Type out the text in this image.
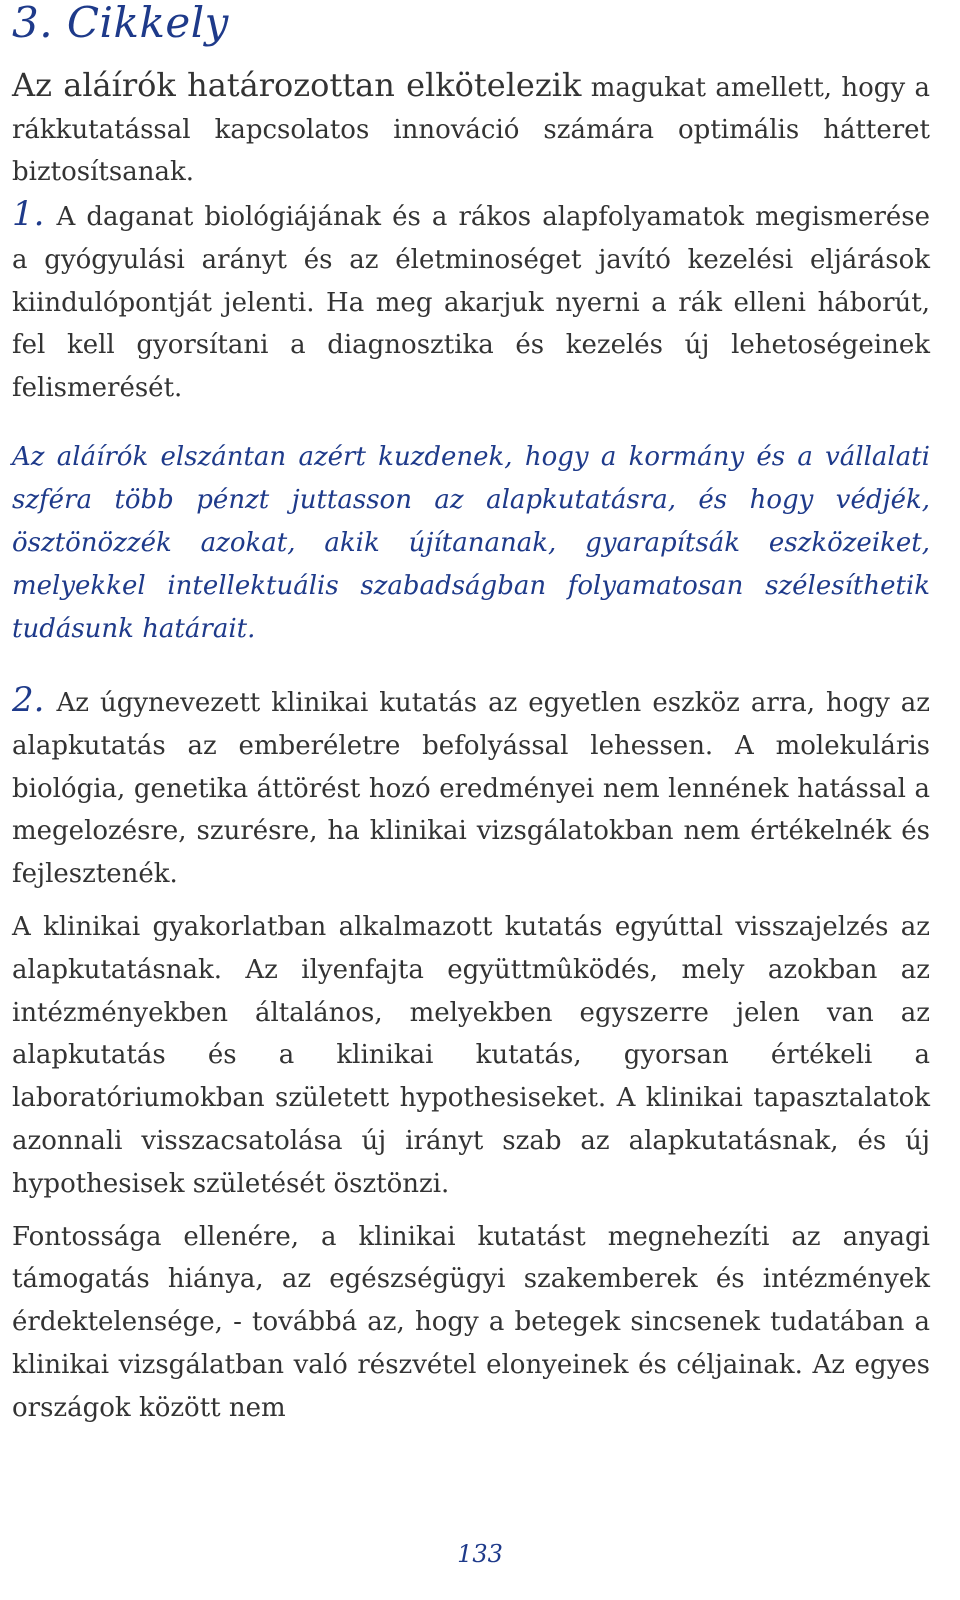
3. Cikkely

Az aláírók határozottan elkötelezik magukat amellett, hogy a rákkutatással kapcsolatos innováció számára optimális hátteret biztosítsanak.

1. A daganat biológiájának és a rákos alapfolyamatok megismerése a gyógyulási arányt és az életminoséget javító kezelési eljárások kiindulópontját jelenti. Ha meg akarjuk nyerni a rák elleni háborút, fel kell gyorsítani a diagnosztika és kezelés új lehetoségeinek felismerését.

Az aláírók elszántan azért kuzdenek, hogy a kormány és a vállalati szféra több pénzt juttasson az alapkutatásra, és hogy védjék, ösztönözzék azokat, akik újítananak, gyarapítsák eszközeiket, melyekkel intellektuális szabadságban folyamatosan szélesíthetik tudásunk határait.

2. Az úgynevezett klinikai kutatás az egyetlen eszköz arra, hogy az alapkutatás az emberéletre befolyással lehessen. A molekuláris biológia, genetika áttörést hozó eredményei nem lennének hatással a megelozésre, szurésre, ha klinikai vizsgálatokban nem értékelnék és fejlesztenék.

A klinikai gyakorlatban alkalmazott kutatás egyúttal visszajelzés az alapkutatásnak. Az ilyenfajta együttmûködés, mely azokban az intézményekben általános, melyekben egyszerre jelen van az alapkutatás és a klinikai kutatás, gyorsan értékeli a laboratóriumokban született hypothesiseket. A klinikai tapasztalatok azonnali visszacsatolása új irányt szab az alapkutatásnak, és új hypothesisek születését ösztönzi.

Fontossága ellenére, a klinikai kutatást megnehezíti az anyagi támogatás hiánya, az egészségügyi szakemberek és intézmények érdektelensége, - továbbá az, hogy a betegek sincsenek tudatában a klinikai vizsgálatban való részvétel elonyeinek és céljainak. Az egyes országok között nem

133
